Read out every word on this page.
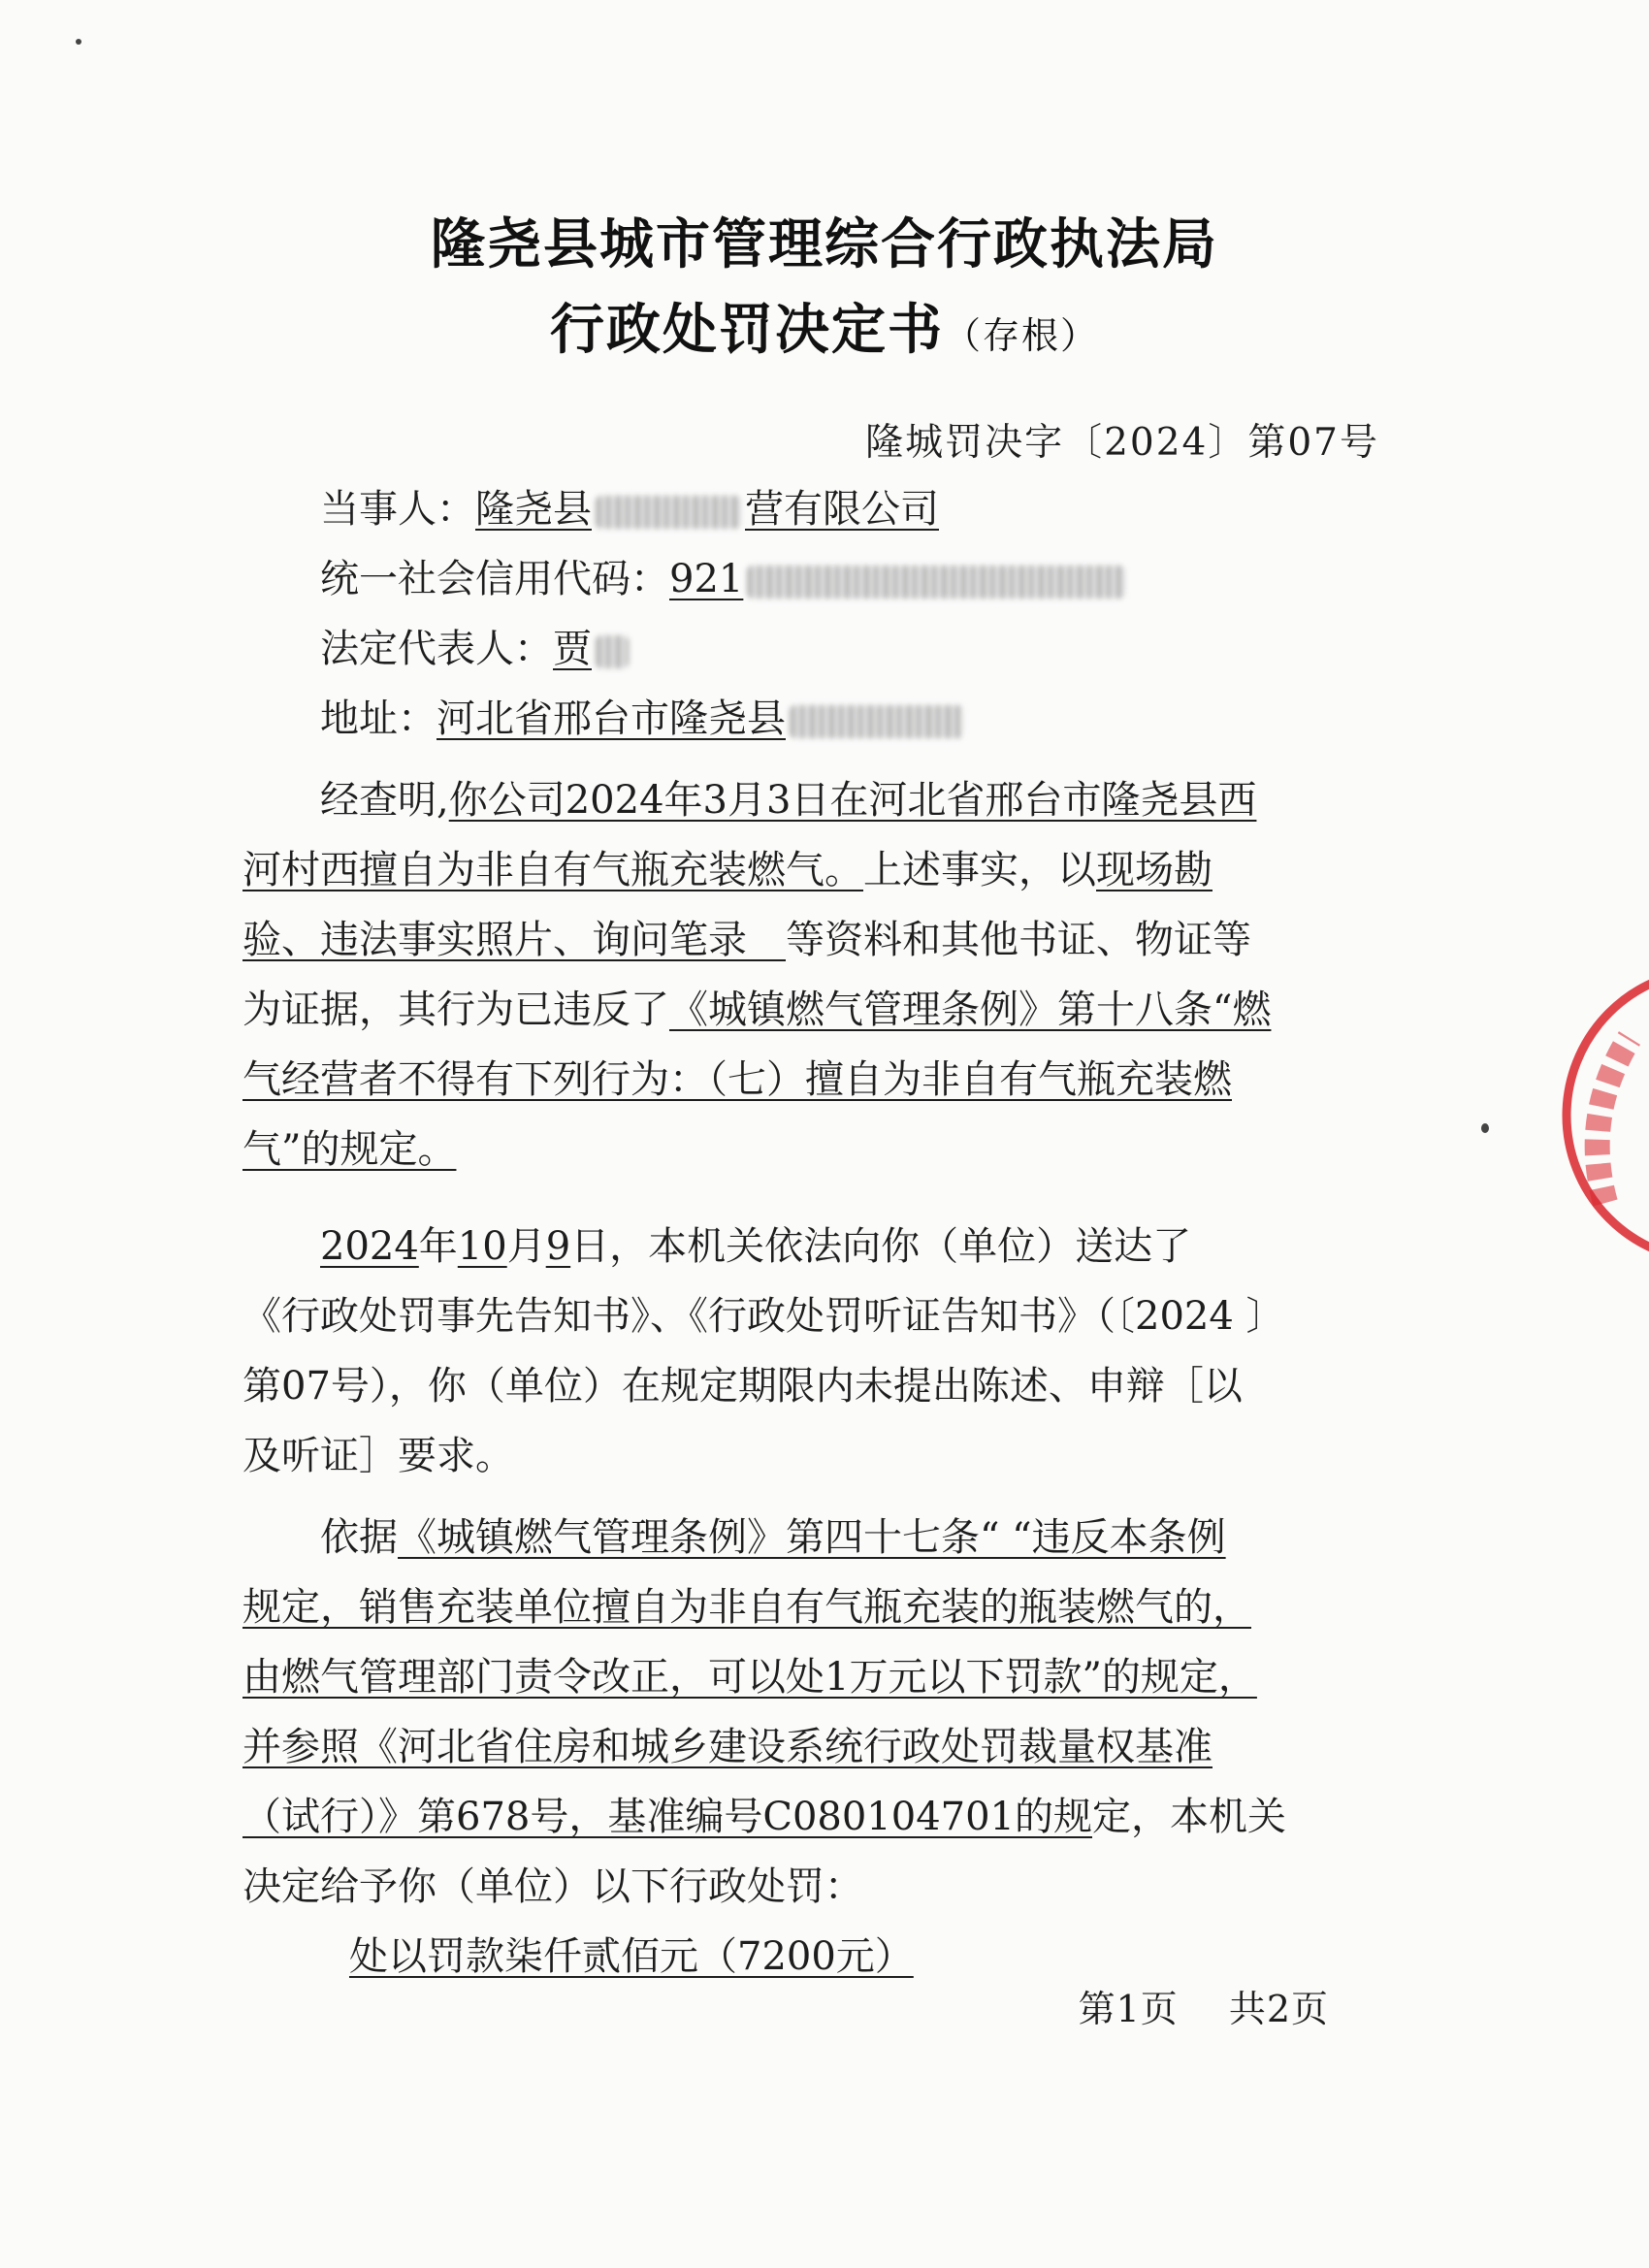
隆尧县城市管理综合行政执法局
行政处罚决定书（存根）
隆城罚决字〔2024〕第07号
当事人：隆尧县	营有限公司
统一社会信用代码：921
法定代表人：贾
地址：河北省邢台市隆尧县
经查明,你公司2024年3月3日在河北省邢台市隆尧县西
河村西擅自为非自有气瓶充装燃气。上述事实，以现场勘
验、违法事实照片、询问笔录　等资料和其他书证、物证等
为证据，其行为已违反了《城镇燃气管理条例》第十八条“燃
气经营者不得有下列行为：（七）擅自为非自有气瓶充装燃
气”的规定。
2024年10月9日，本机关依法向你（单位）送达了
《行政处罚事先告知书》、《行政处罚听证告知书》（〔2024 〕
第07号），你（单位）在规定期限内未提出陈述、申辩［以
及听证］要求。
依据《城镇燃气管理条例》第四十七条“ “违反本条例
规定，销售充装单位擅自为非自有气瓶充装的瓶装燃气的，
由燃气管理部门责令改正，可以处1万元以下罚款”的规定，
并参照《河北省住房和城乡建设系统行政处罚裁量权基准
（试行）》第678号，基准编号C080104701的规定，本机关
决定给予你（单位）以下行政处罚：
处以罚款柒仟贰佰元（7200元）
第1页 共2页
